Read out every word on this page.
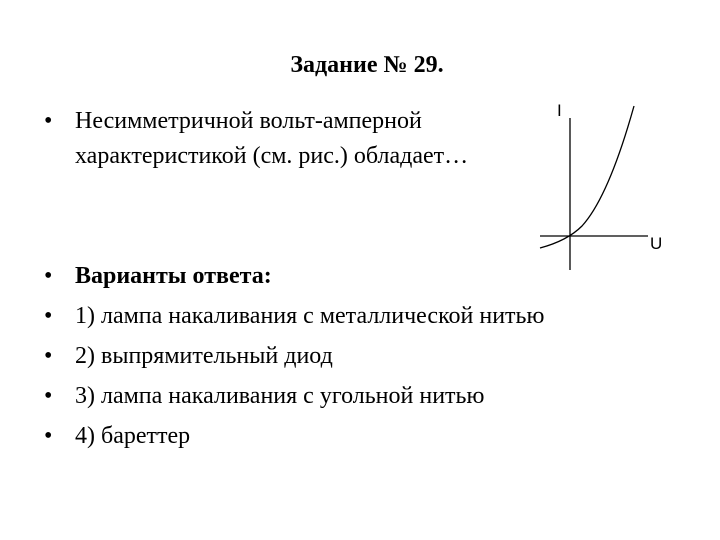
Задание № 29.
• Несимметричной вольт-амперной характеристикой (см. рис.) обладает…
I
U
• Варианты ответа:
• 1) лампа накаливания с металлической нитью
• 2) выпрямительный диод
• 3) лампа накаливания с угольной нитью
• 4) бареттер
